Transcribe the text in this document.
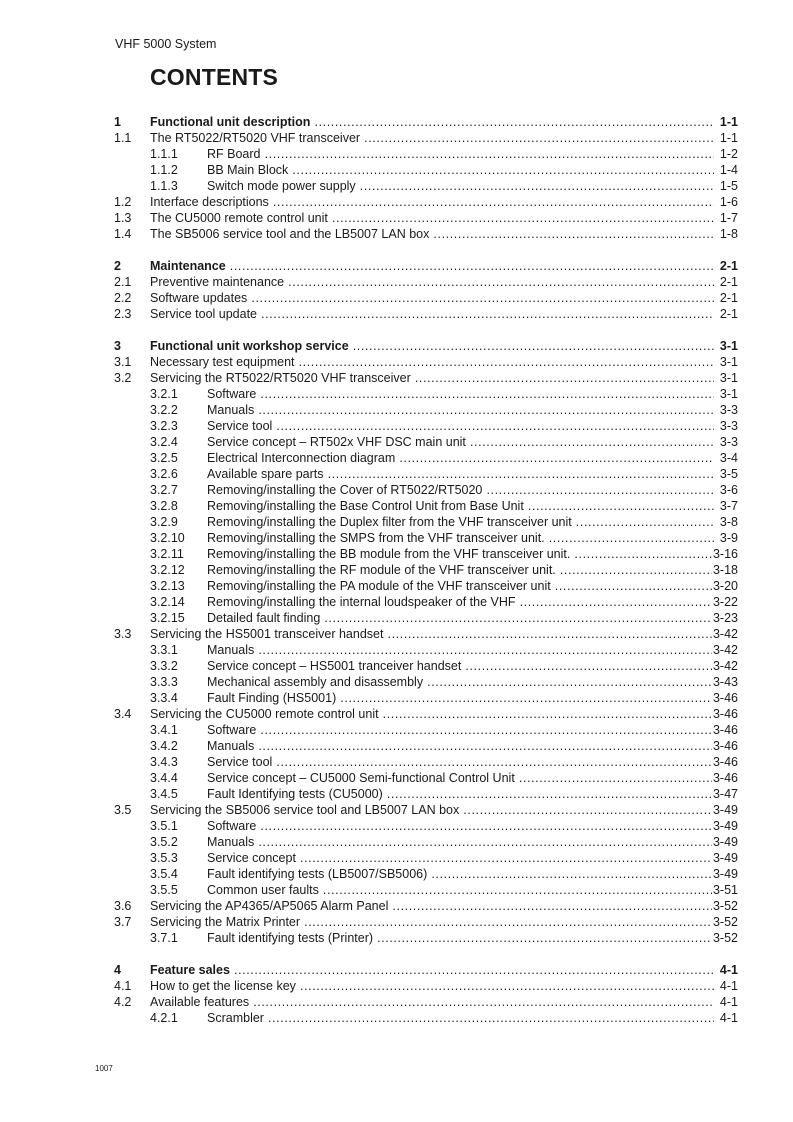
VHF 5000 System
CONTENTS
1 Functional unit description .....	1-1
1.1 The RT5022/RT5020 VHF transceiver .....	1-1
1.1.1 RF Board .....	1-2
1.1.2 BB Main Block .....	1-4
1.1.3 Switch mode power supply .....	1-5
1.2 Interface descriptions .....	1-6
1.3 The CU5000 remote control unit .....	1-7
1.4 The SB5006 service tool and the LB5007 LAN box .....	1-8
2 Maintenance .....	2-1
2.1 Preventive maintenance .....	2-1
2.2 Software updates .....	2-1
2.3 Service tool update .....	2-1
3 Functional unit workshop service .....	3-1
3.1 Necessary test equipment .....	3-1
3.2 Servicing the RT5022/RT5020 VHF transceiver .....	3-1
3.2.1 Software .....	3-1
3.2.2 Manuals .....	3-3
3.2.3 Service tool .....	3-3
3.2.4 Service concept – RT502x VHF DSC main unit .....	3-3
3.2.5 Electrical Interconnection diagram .....	3-4
3.2.6 Available spare parts .....	3-5
3.2.7 Removing/installing the Cover of RT5022/RT5020 .....	3-6
3.2.8 Removing/installing the Base Control Unit from Base Unit .....	3-7
3.2.9 Removing/installing the Duplex filter from the VHF transceiver unit .....	3-8
3.2.10 Removing/installing the SMPS from the VHF transceiver unit. .....	3-9
3.2.11 Removing/installing the BB module from the VHF transceiver unit. .....	3-16
3.2.12 Removing/installing the RF module of the VHF transceiver unit. .....	3-18
3.2.13 Removing/installing the PA module of the VHF transceiver unit .....	3-20
3.2.14 Removing/installing the internal loudspeaker of the VHF .....	3-22
3.2.15 Detailed fault finding .....	3-23
3.3 Servicing the HS5001 transceiver handset .....	3-42
3.3.1 Manuals .....	3-42
3.3.2 Service concept – HS5001 tranceiver handset .....	3-42
3.3.3 Mechanical assembly and disassembly .....	3-43
3.3.4 Fault Finding (HS5001) .....	3-46
3.4 Servicing the CU5000 remote control unit .....	3-46
3.4.1 Software .....	3-46
3.4.2 Manuals .....	3-46
3.4.3 Service tool .....	3-46
3.4.4 Service concept – CU5000 Semi-functional Control Unit .....	3-46
3.4.5 Fault Identifying tests (CU5000) .....	3-47
3.5 Servicing the SB5006 service tool and LB5007 LAN box .....	3-49
3.5.1 Software .....	3-49
3.5.2 Manuals .....	3-49
3.5.3 Service concept .....	3-49
3.5.4 Fault identifying tests (LB5007/SB5006) .....	3-49
3.5.5 Common user faults .....	3-51
3.6 Servicing the AP4365/AP5065 Alarm Panel .....	3-52
3.7 Servicing the Matrix Printer .....	3-52
3.7.1 Fault identifying tests (Printer) .....	3-52
4 Feature sales .....	4-1
4.1 How to get the license key .....	4-1
4.2 Available features .....	4-1
4.2.1 Scrambler .....	4-1
1007
